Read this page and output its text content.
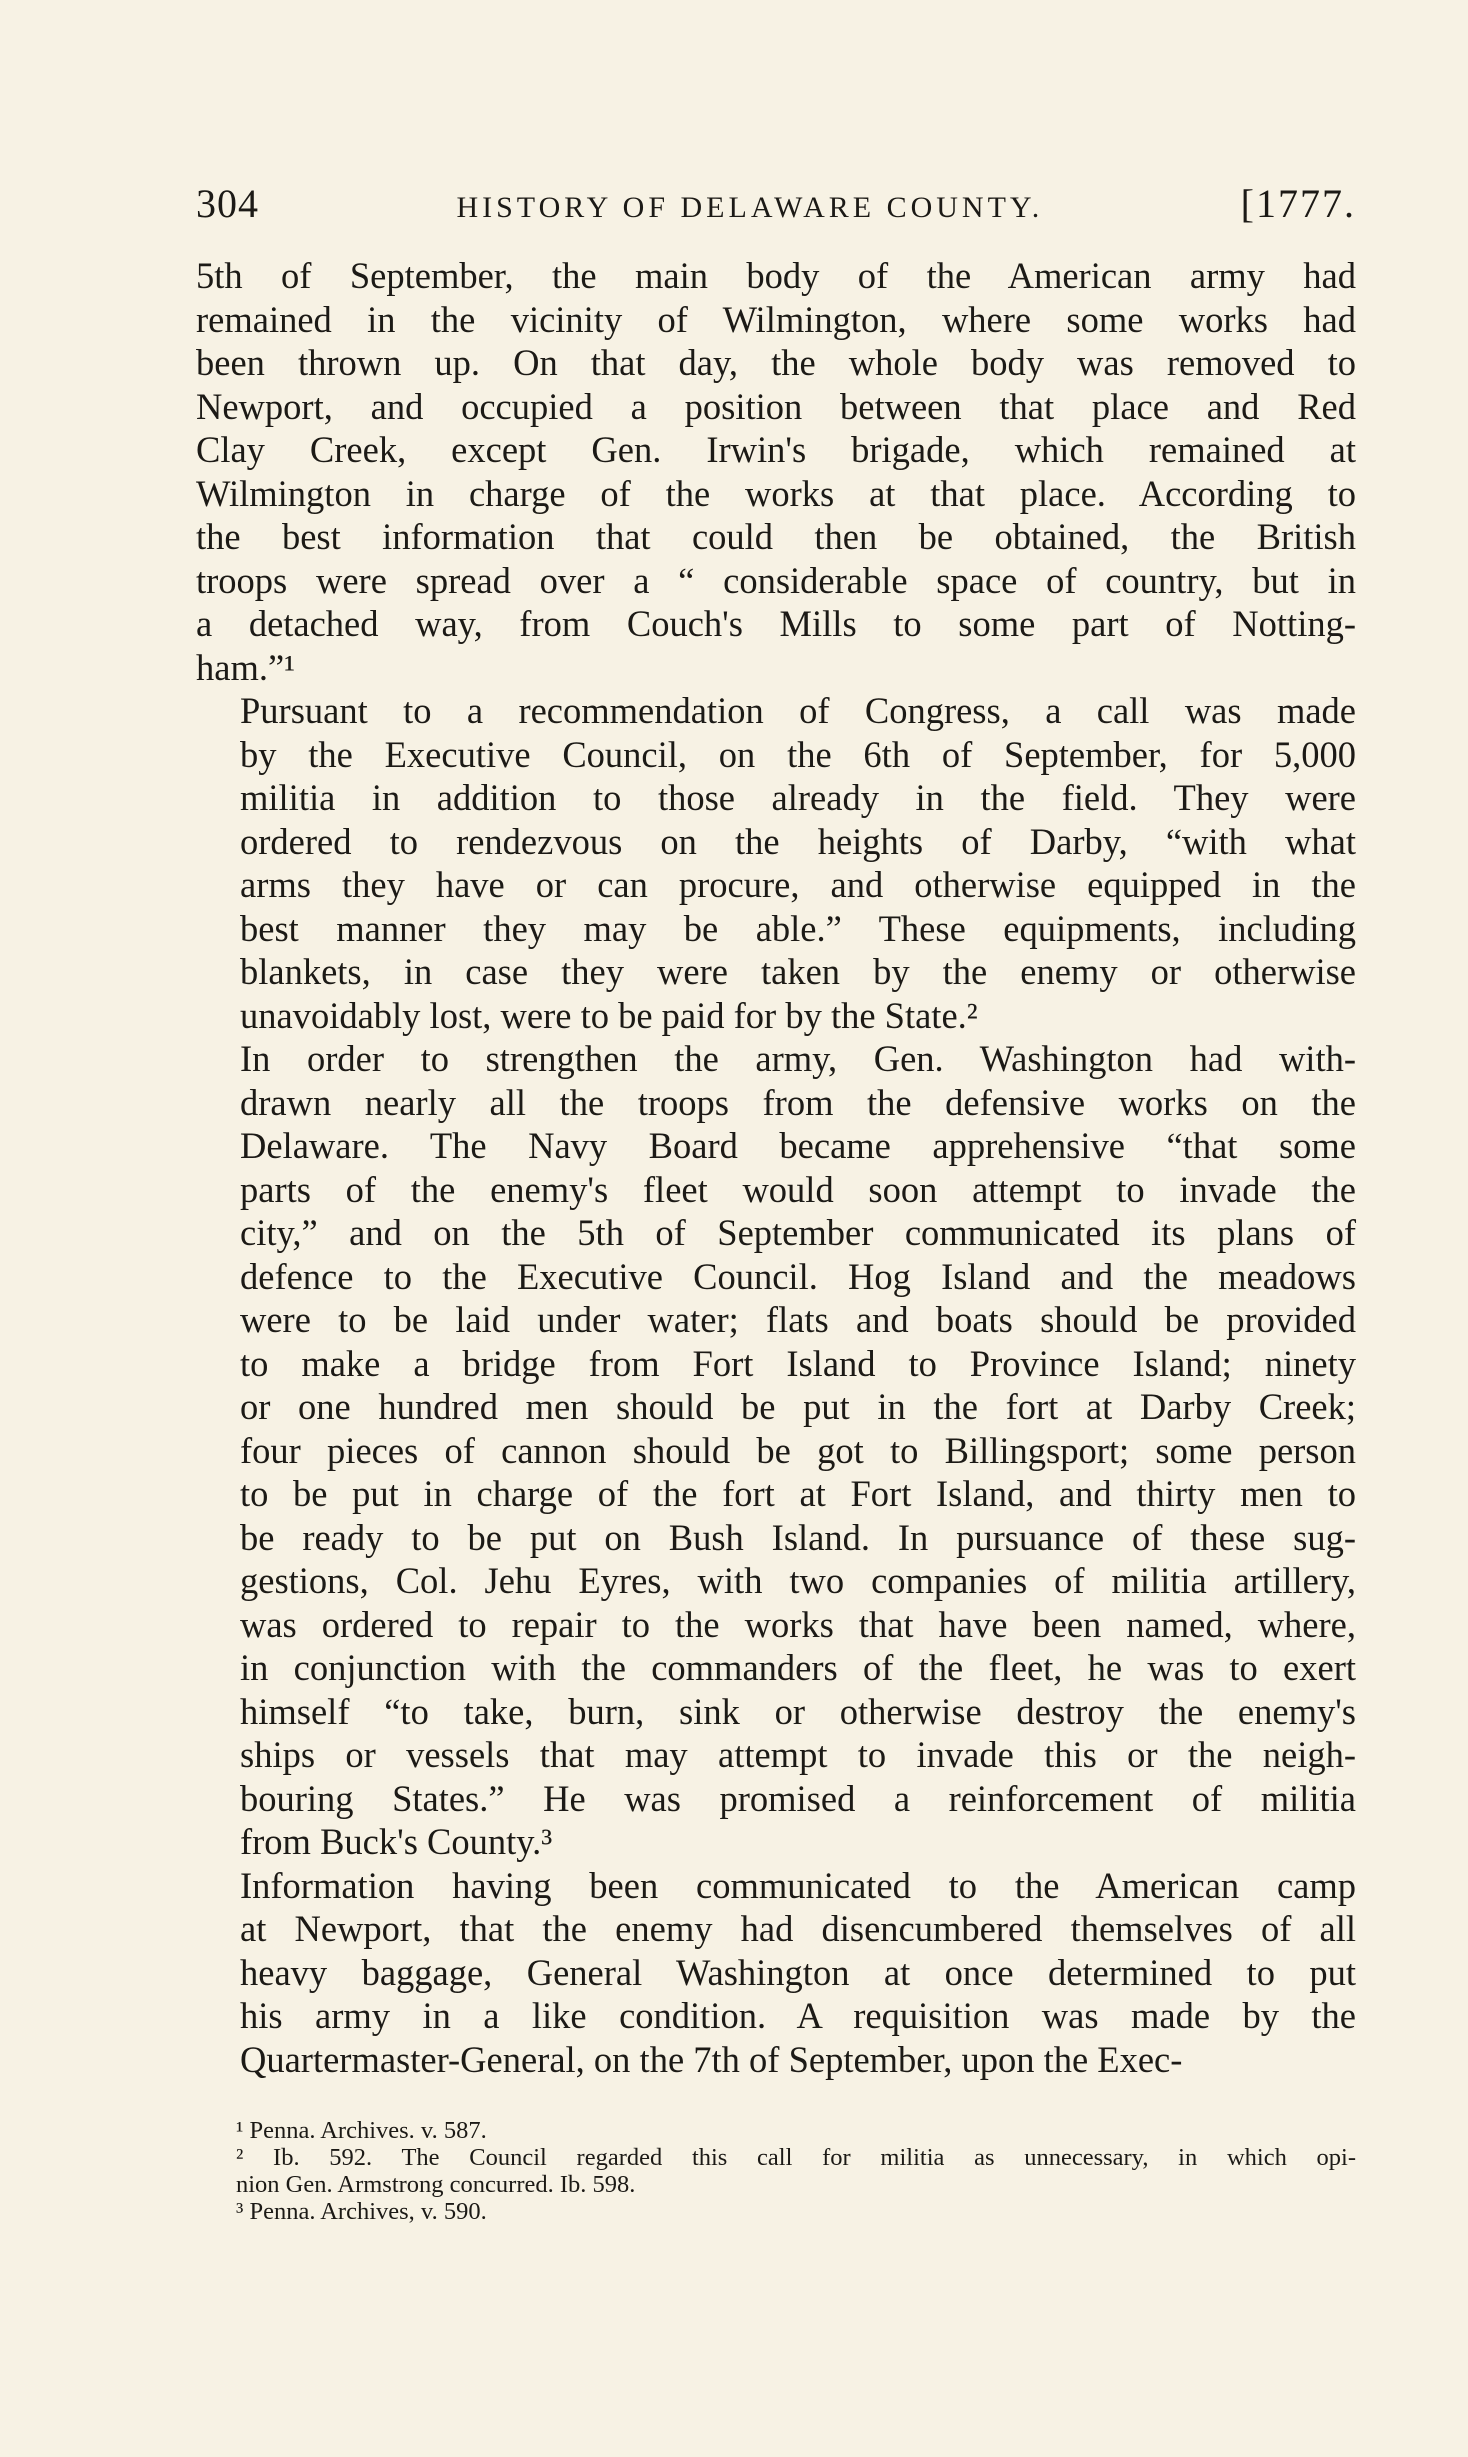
304	HISTORY OF DELAWARE COUNTY.	[1777.

5th of September, the main body of the American army had
remained in the vicinity of Wilmington, where some works had
been thrown up. On that day, the whole body was removed to
Newport, and occupied a position between that place and Red
Clay Creek, except Gen. Irwin's brigade, which remained at
Wilmington in charge of the works at that place. According to
the best information that could then be obtained, the British
troops were spread over a “ considerable space of country, but in
a detached way, from Couch's Mills to some part of Notting-
ham.”¹

Pursuant to a recommendation of Congress, a call was made
by the Executive Council, on the 6th of September, for 5,000
militia in addition to those already in the field. They were
ordered to rendezvous on the heights of Darby, “with what
arms they have or can procure, and otherwise equipped in the
best manner they may be able.” These equipments, including
blankets, in case they were taken by the enemy or otherwise
unavoidably lost, were to be paid for by the State.²

In order to strengthen the army, Gen. Washington had with-
drawn nearly all the troops from the defensive works on the
Delaware. The Navy Board became apprehensive “that some
parts of the enemy's fleet would soon attempt to invade the
city,” and on the 5th of September communicated its plans of
defence to the Executive Council. Hog Island and the meadows
were to be laid under water; flats and boats should be provided
to make a bridge from Fort Island to Province Island; ninety
or one hundred men should be put in the fort at Darby Creek;
four pieces of cannon should be got to Billingsport; some person
to be put in charge of the fort at Fort Island, and thirty men to
be ready to be put on Bush Island. In pursuance of these sug-
gestions, Col. Jehu Eyres, with two companies of militia artillery,
was ordered to repair to the works that have been named, where,
in conjunction with the commanders of the fleet, he was to exert
himself “to take, burn, sink or otherwise destroy the enemy's
ships or vessels that may attempt to invade this or the neigh-
bouring States.” He was promised a reinforcement of militia
from Buck's County.³

Information having been communicated to the American camp
at Newport, that the enemy had disencumbered themselves of all
heavy baggage, General Washington at once determined to put
his army in a like condition. A requisition was made by the
Quartermaster-General, on the 7th of September, upon the Exec-

¹ Penna. Archives. v. 587.

² Ib. 592. The Council regarded this call for militia as unnecessary, in which opi-
nion Gen. Armstrong concurred. Ib. 598.

³ Penna. Archives, v. 590.
